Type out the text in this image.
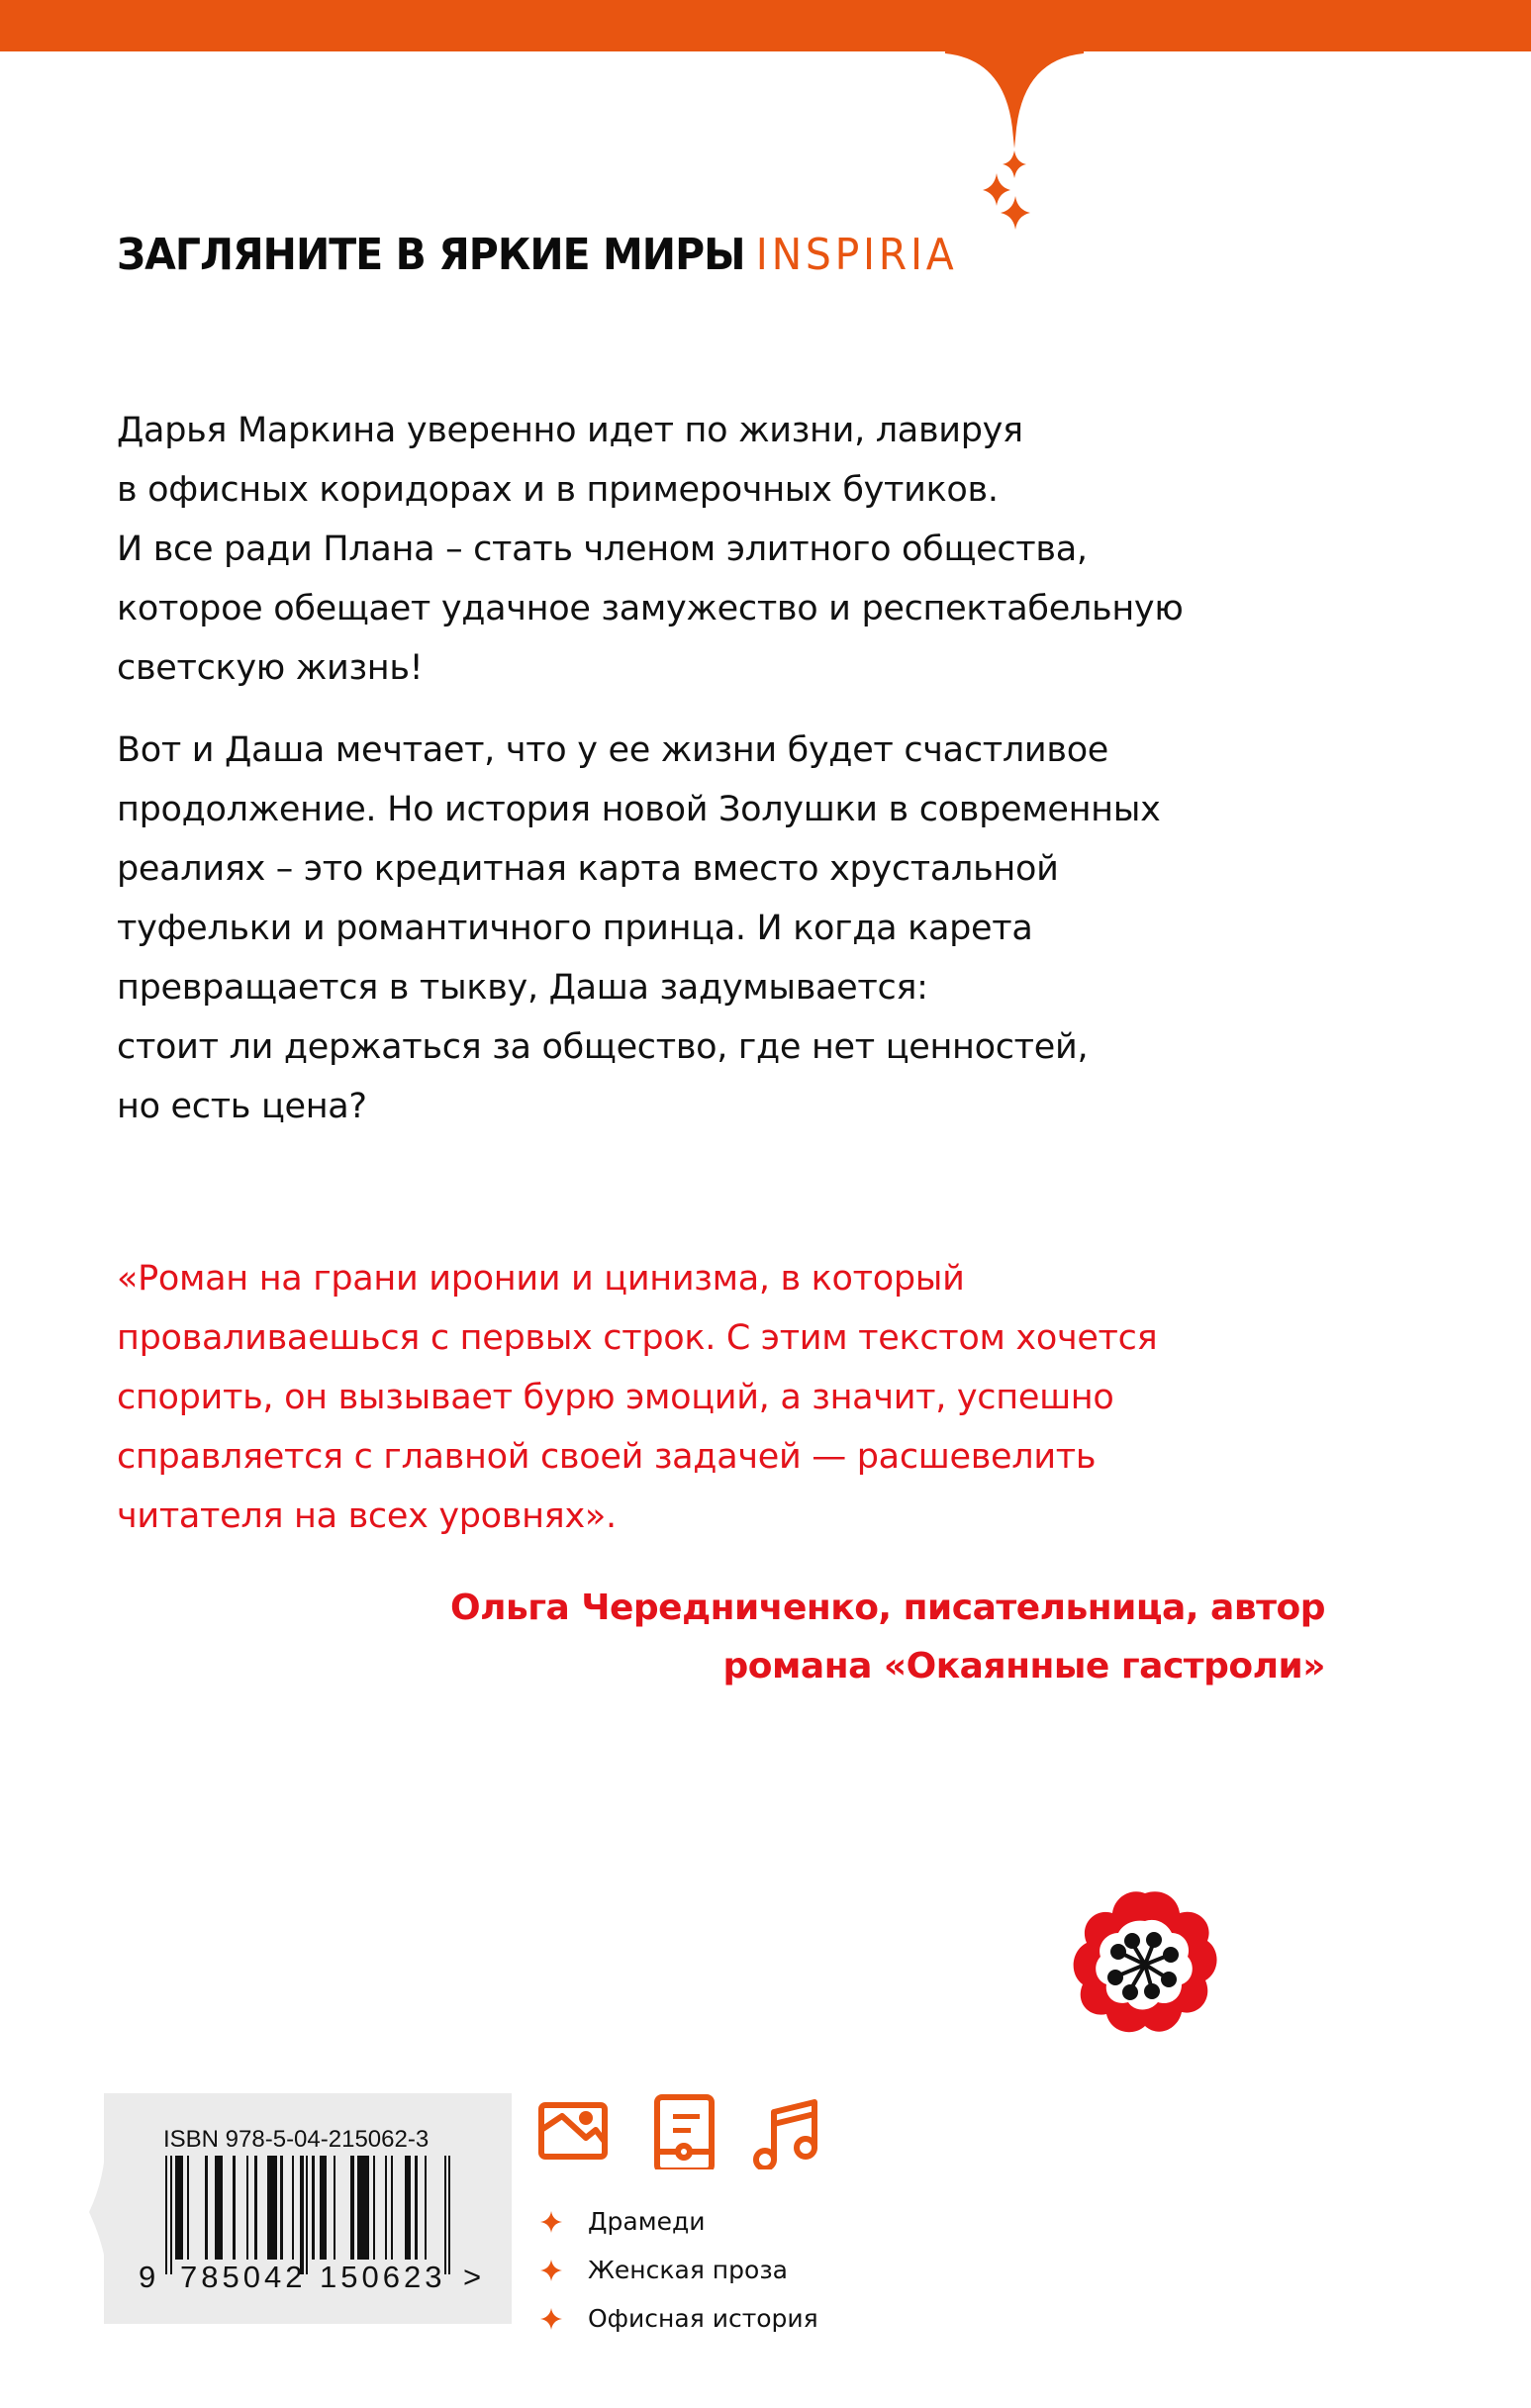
ЗАГЛЯНИТЕ В ЯРКИЕ МИРЫ INSPIRIA
Дарья Маркина уверенно идет по жизни, лавируя
в офисных коридорах и в примерочных бутиков.
И все ради Плана – стать членом элитного общества,
которое обещает удачное замужество и респектабельную
светскую жизнь!
Вот и Даша мечтает, что у ее жизни будет счастливое
продолжение. Но история новой Золушки в современных
реалиях – это кредитная карта вместо хрустальной
туфельки и романтичного принца. И когда карета
превращается в тыкву, Даша задумывается:
стоит ли держаться за общество, где нет ценностей,
но есть цена?
«Роман на грани иронии и цинизма, в который
проваливаешься с первых строк. С этим текстом хочется
спорить, он вызывает бурю эмоций, а значит, успешно
справляется с главной своей задачей — расшевелить
читателя на всех уровнях».
Ольга Чередниченко, писательница, автор
романа «Окаянные гастроли»
ISBN 978-5-04-215062-3
9 785042 150623 >
Драмеди
Женская проза
Офисная история
